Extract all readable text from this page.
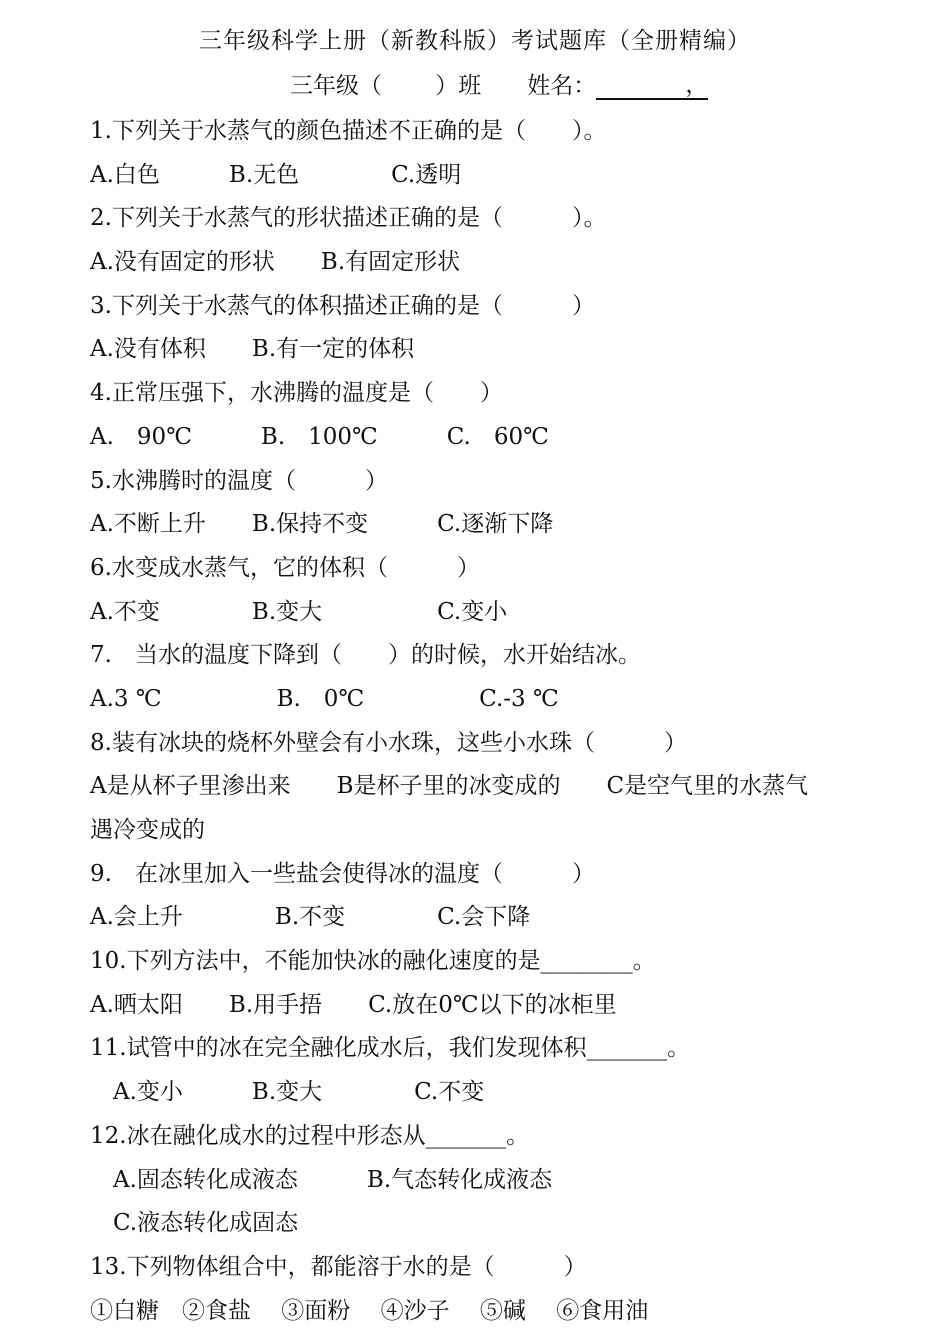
三年级科学上册（新教科版）考试题库（全册精编）
三年级（　 　）班　　姓名：	，
1.下列关于水蒸气的颜色描述不正确的是（　　）。
A.白色　　　B.无色　　　　C.透明
2.下列关于水蒸气的形状描述正确的是（　　　）。
A.没有固定的形状　　B.有固定形状
3.下列关于水蒸气的体积描述正确的是（　　　）
A.没有体积　　B.有一定的体积
4.正常压强下，水沸腾的温度是（　　）
A.　90℃　　　B.　100℃　　　C.　60℃
5.水沸腾时的温度（　　　）
A.不断上升　　B.保持不变　　　C.逐渐下降
6.水变成水蒸气，它的体积（　　　）
A.不变　　　　B.变大　　　　　C.变小
7.　当水的温度下降到（　　）的时候，水开始结冰。
A.3 ℃　　　　　B.　0℃　　　　　C.-3 ℃
8.装有冰块的烧杯外壁会有小水珠，这些小水珠（　　　）
A是从杯子里渗出来　　B是杯子里的冰变成的　　C是空气里的水蒸气
遇冷变成的
9.　在冰里加入一些盐会使得冰的温度（　　　）
A.会上升　　　　B.不变　　　　C.会下降
10.下列方法中，不能加快冰的融化速度的是________。
A.晒太阳　　B.用手捂　　C.放在0℃以下的冰柜里
11.试管中的冰在完全融化成水后，我们发现体积_______。
　A.变小　　　B.变大　　　　C.不变
12.冰在融化成水的过程中形态从_______。
　A.固态转化成液态　　　B.气态转化成液态
　C.液态转化成固态
13.下列物体组合中，都能溶于水的是（　　　）
①白糖　②食盐　 ③面粉　 ④沙子　 ⑤碱　 ⑥食用油
